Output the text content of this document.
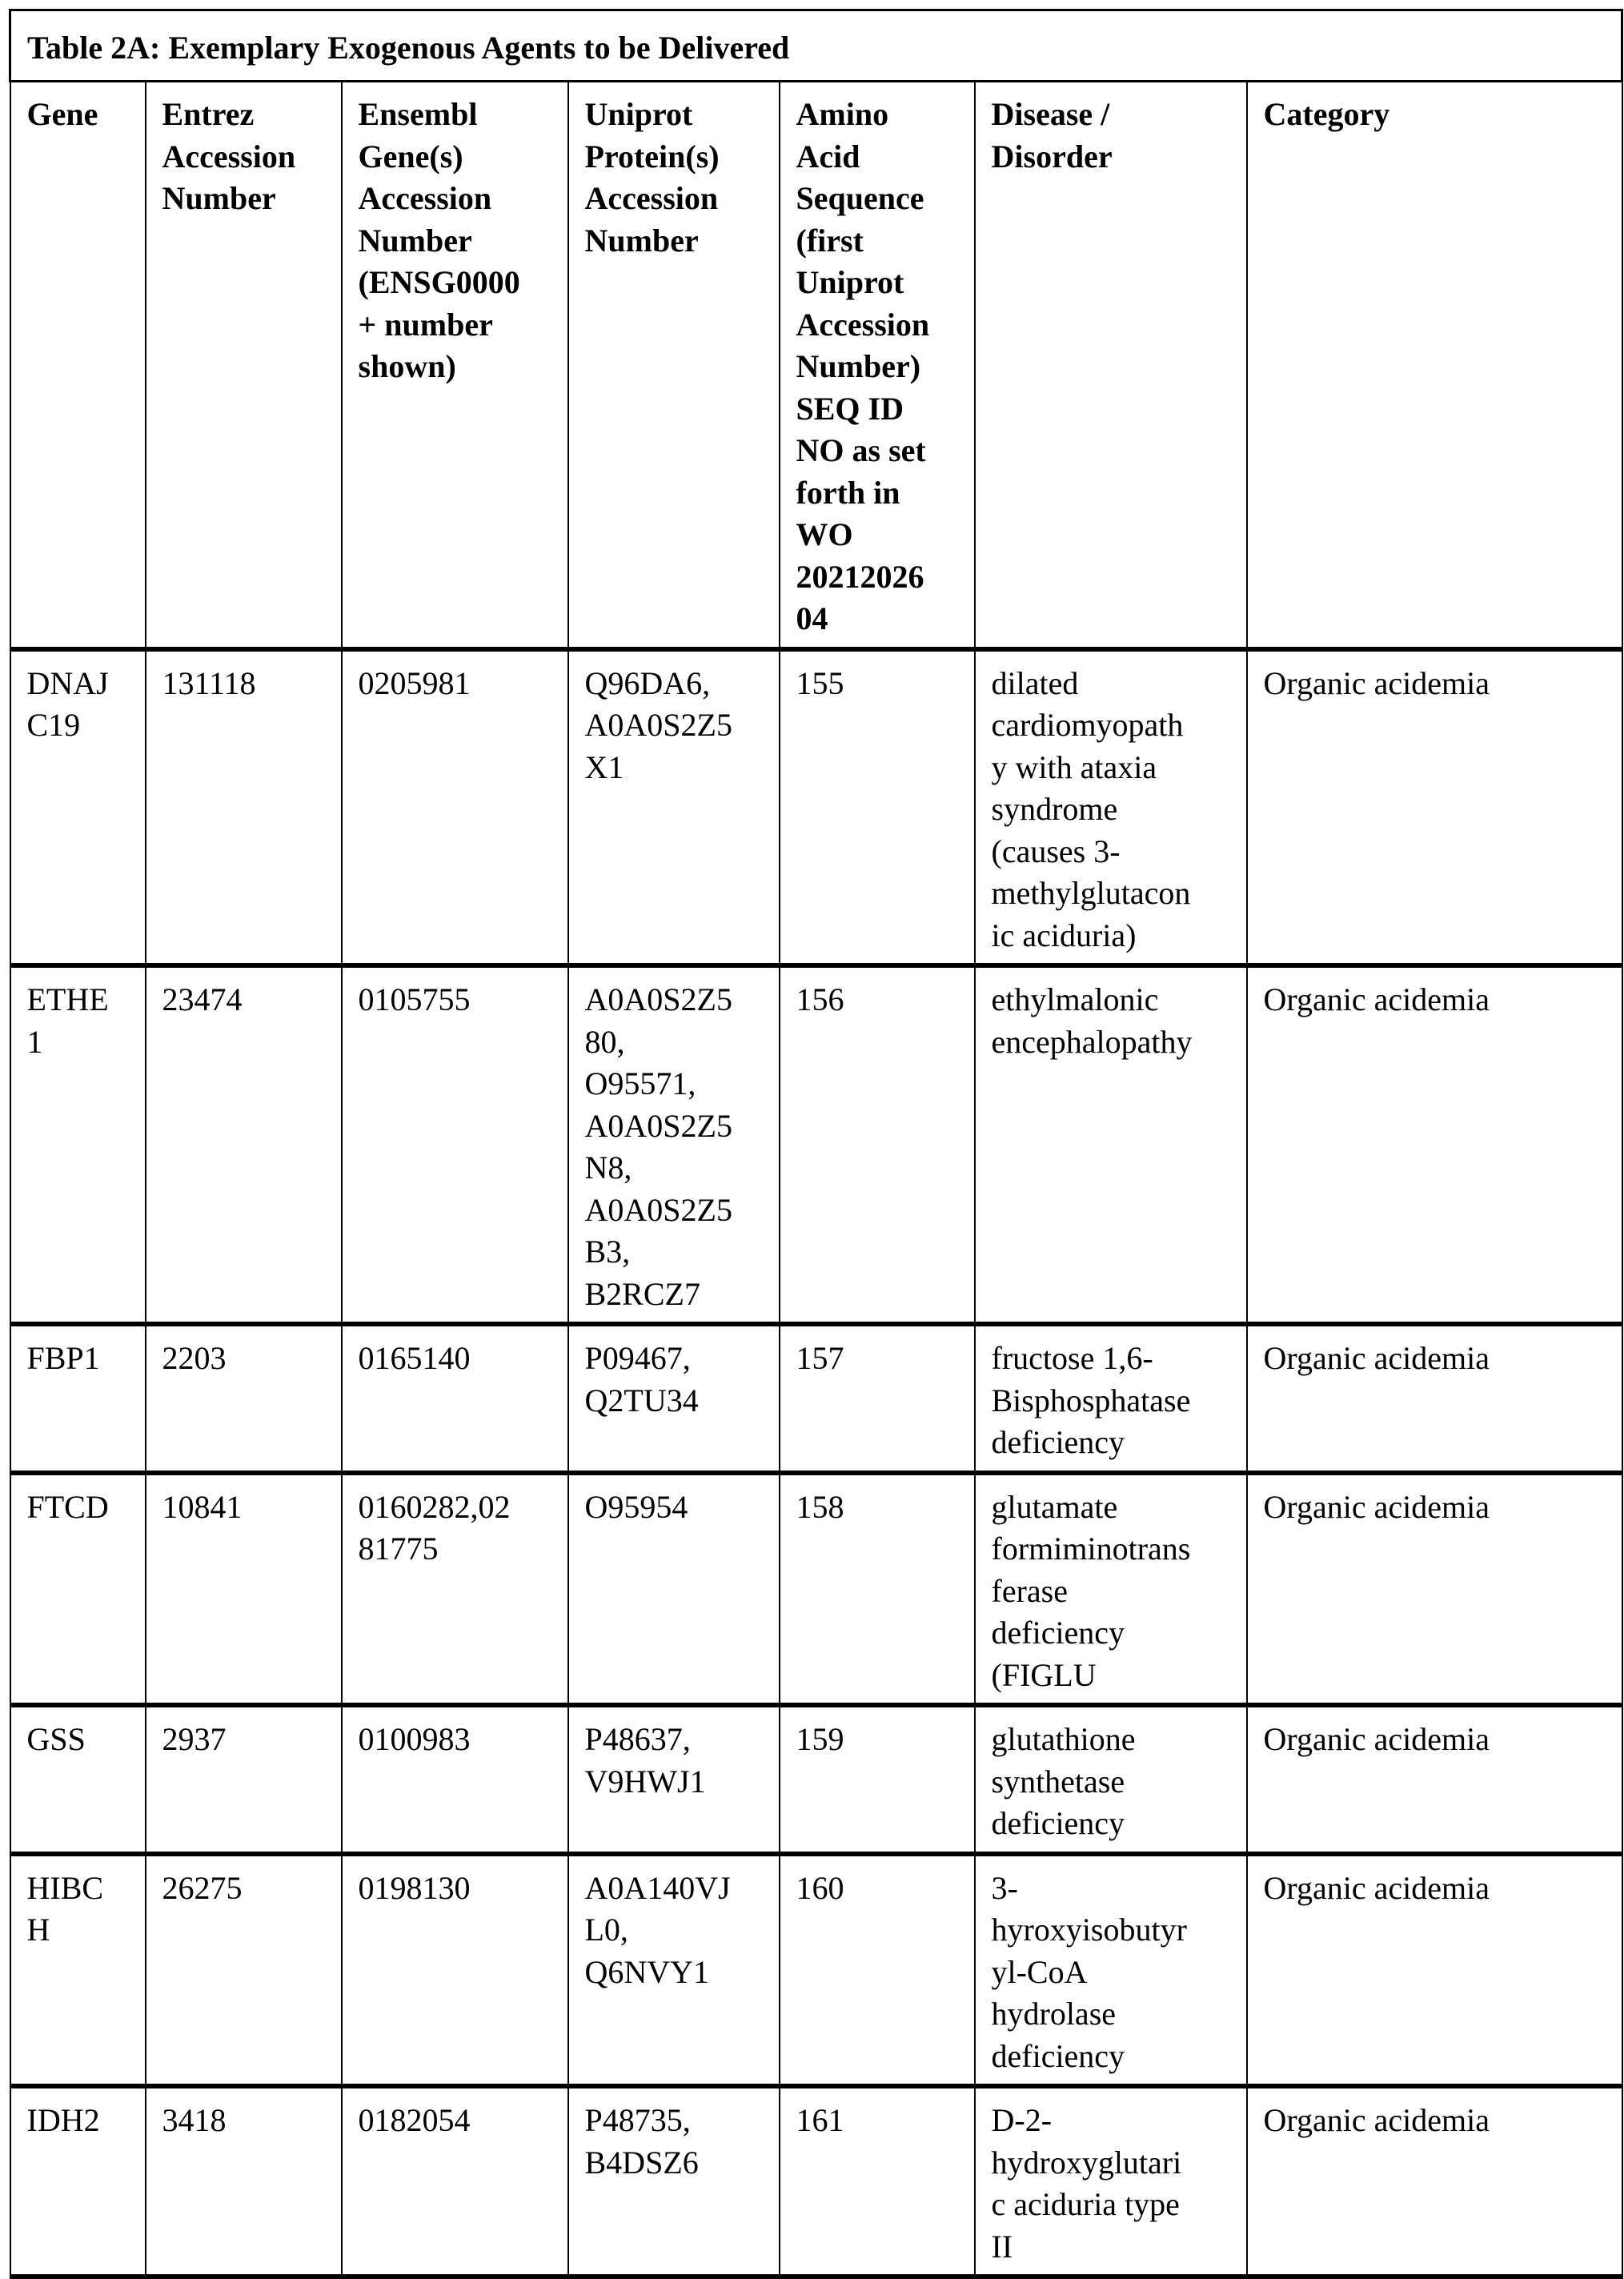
Table 2A: Exemplary Exogenous Agents to be Delivered						
Gene	Entrez
Accession
Number	Ensembl
Gene(s)
Accession
Number
(ENSG0000
+ number
shown)	Uniprot
Protein(s)
Accession
Number	Amino
Acid
Sequence
(first
Uniprot
Accession
Number)
SEQ ID
NO as set
forth in
WO
20212026
04	Disease /
Disorder	Category
DNAJ
C19	131118	0205981	Q96DA6,
A0A0S2Z5
X1	155	dilated
cardiomyopath
y with ataxia
syndrome
(causes 3-
methylglutacon
ic aciduria)	Organic acidemia
ETHE
1	23474	0105755	A0A0S2Z5
80,
O95571,
A0A0S2Z5
N8,
A0A0S2Z5
B3,
B2RCZ7	156	ethylmalonic
encephalopathy	Organic acidemia
FBP1	2203	0165140	P09467,
Q2TU34	157	fructose 1,6-
Bisphosphatase
deficiency	Organic acidemia
FTCD	10841	0160282,02
81775	O95954	158	glutamate
formiminotrans
ferase
deficiency
(FIGLU	Organic acidemia
GSS	2937	0100983	P48637,
V9HWJ1	159	glutathione
synthetase
deficiency	Organic acidemia
HIBC
H	26275	0198130	A0A140VJ
L0,
Q6NVY1	160	3-
hyroxyisobutyr
yl-CoA
hydrolase
deficiency	Organic acidemia
IDH2	3418	0182054	P48735,
B4DSZ6	161	D-2-
hydroxyglutari
c aciduria type
II	Organic acidemia
